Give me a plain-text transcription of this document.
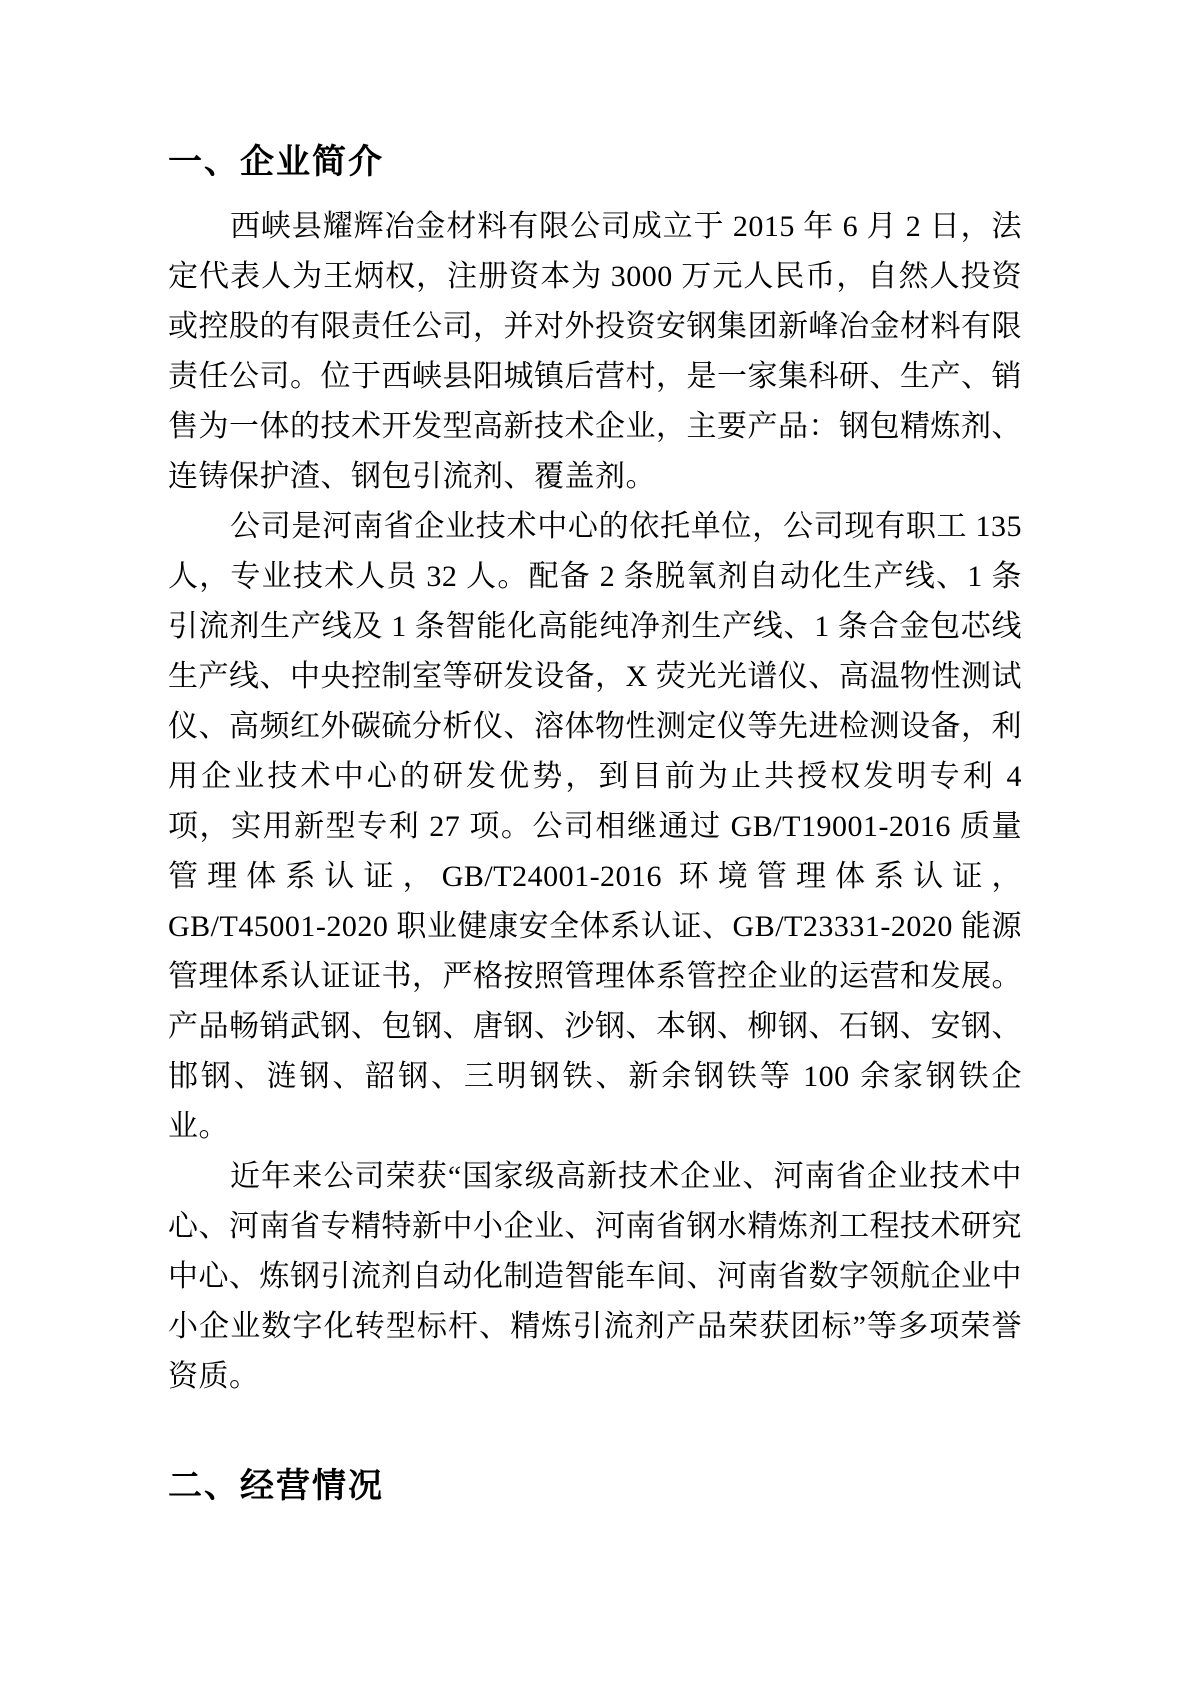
一、企业简介

西峡县耀辉冶金材料有限公司成立于 2015 年 6 月 2 日，法定代表人为王炳权，注册资本为 3000 万元人民币，自然人投资或控股的有限责任公司，并对外投资安钢集团新峰冶金材料有限责任公司。位于西峡县阳城镇后营村，是一家集科研、生产、销售为一体的技术开发型高新技术企业，主要产品：钢包精炼剂、连铸保护渣、钢包引流剂、覆盖剂。

公司是河南省企业技术中心的依托单位，公司现有职工 135 人，专业技术人员 32 人。配备 2 条脱氧剂自动化生产线、1 条引流剂生产线及 1 条智能化高能纯净剂生产线、1 条合金包芯线生产线、中央控制室等研发设备，X 荧光光谱仪、高温物性测试仪、高频红外碳硫分析仪、溶体物性测定仪等先进检测设备，利用企业技术中心的研发优势，到目前为止共授权发明专利 4 项，实用新型专利 27 项。公司相继通过 GB/T19001-2016 质量管理体系认证，GB/T24001-2016 环境管理体系认证，GB/T45001-2020 职业健康安全体系认证、GB/T23331-2020 能源管理体系认证证书，严格按照管理体系管控企业的运营和发展。产品畅销武钢、包钢、唐钢、沙钢、本钢、柳钢、石钢、安钢、邯钢、涟钢、韶钢、三明钢铁、新余钢铁等 100 余家钢铁企业。

近年来公司荣获“国家级高新技术企业、河南省企业技术中心、河南省专精特新中小企业、河南省钢水精炼剂工程技术研究中心、炼钢引流剂自动化制造智能车间、河南省数字领航企业中小企业数字化转型标杆、精炼引流剂产品荣获团标”等多项荣誉资质。

二、经营情况
